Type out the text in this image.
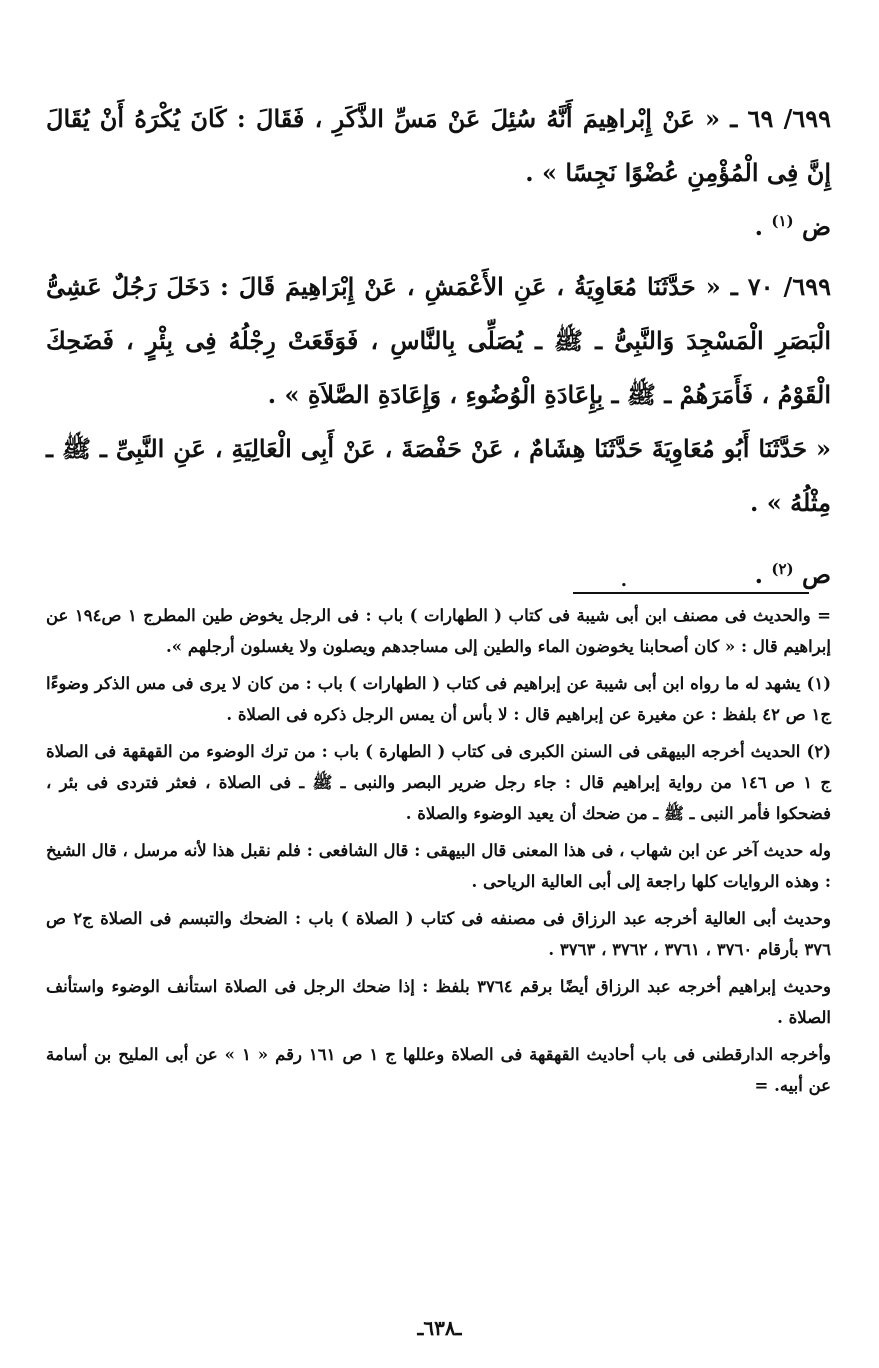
٦٩٩/ ٦٩ ـ « عَنْ إِبْراهِيمَ أَنَّهُ سُئِلَ عَنْ مَسِّ الذَّكَرِ ، فَقَالَ : كَانَ يُكْرَهُ أَنْ يُقَالَ إِنَّ فِى الْمُؤْمِنِ عُضْوًا نَجِسًا » .

ض $^{(١)}$ .

٦٩٩/ ٧٠ ـ « حَدَّثَنَا مُعَاوِيَةُ ، عَنِ الأَعْمَشِ ، عَنْ إِبْرَاهِيمَ قَالَ : دَخَلَ رَجُلٌ عَشِىُّ الْبَصَرِ الْمَسْجِدَ وَالنَّبِىُّ ـ ﷺ ـ يُصَلِّى بِالنَّاسِ ، فَوَقَعَتْ رِجْلُهُ فِى بِئْرٍ ، فَضَحِكَ الْقَوْمُ ، فَأَمَرَهُمْ ـ ﷺ ـ بِإِعَادَةِ الْوُضُوءِ ، وَإِعَادَةِ الصَّلاَةِ » .

« حَدَّثَنَا أَبُو مُعَاوِيَةَ حَدَّثَنَا هِشَامٌ ، عَنْ حَفْصَةَ ، عَنْ أَبِى الْعَالِيَةِ ، عَنِ النَّبِىِّ ـ ﷺ ـ مِثْلُهُ » .

ص $^{(٢)}$ .

.

= والحديث فى مصنف ابن أبى شيبة فى كتاب ( الطهارات ) باب : فى الرجل يخوض طين المطرج ١ ص١٩٤ عن إبراهيم قال : « كان أصحابنا يخوضون الماء والطين إلى مساجدهم ويصلون ولا يغسلون أرجلهم ».

(١) يشهد له ما رواه ابن أبى شيبة عن إبراهيم فى كتاب ( الطهارات ) باب : من كان لا يرى فى مس الذكر وضوءًا ج١ ص ٤٢ بلفظ : عن مغيرة عن إبراهيم قال : لا بأس أن يمس الرجل ذكره فى الصلاة .

(٢) الحديث أخرجه البيهقى فى السنن الكبرى فى كتاب ( الطهارة ) باب : من ترك الوضوء من القهقهة فى الصلاة ج ١ ص ١٤٦ من رواية إبراهيم قال : جاء رجل ضرير البصر والنبى ـ ﷺ ـ فى الصلاة ، فعثر فتردى فى بئر ، فضحكوا فأمر النبى ـ ﷺ ـ من ضحك أن يعيد الوضوء والصلاة .

وله حديث آخر عن ابن شهاب ، فى هذا المعنى قال البيهقى : قال الشافعى : فلم نقبل هذا لأنه مرسل ، قال الشيخ : وهذه الروايات كلها راجعة إلى أبى العالية الرياحى .

وحديث أبى العالية أخرجه عبد الرزاق فى مصنفه فى كتاب ( الصلاة ) باب : الضحك والتبسم فى الصلاة ج٢ ص ٣٧٦ بأرقام ٣٧٦٠ ، ٣٧٦١ ، ٣٧٦٢ ، ٣٧٦٣ .

وحديث إبراهيم أخرجه عبد الرزاق أيضًا برقم ٣٧٦٤ بلفظ : إذا ضحك الرجل فى الصلاة استأنف الوضوء واستأنف الصلاة .

وأخرجه الدارقطنى فى باب أحاديث القهقهة فى الصلاة وعللها ج ١ ص ١٦١ رقم « ١ » عن أبى المليح بن أسامة عن أبيه. =

ـ٦٣٨ـ
